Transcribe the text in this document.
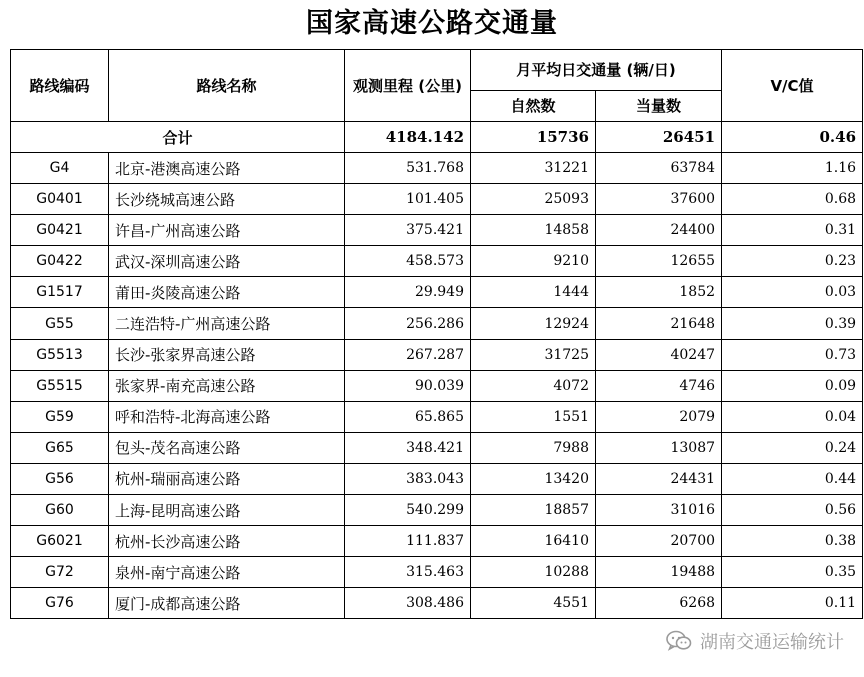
国家高速公路交通量
路线编码	路线名称	观测里程 (公里)	月平均日交通量 (辆/日)		V/C值
			自然数	当量数	
合计		4184.142	15736	26451	0.46
G4	北京-港澳高速公路	531.768	31221	63784	1.16
G0401	长沙绕城高速公路	101.405	25093	37600	0.68
G0421	许昌-广州高速公路	375.421	14858	24400	0.31
G0422	武汉-深圳高速公路	458.573	9210	12655	0.23
G1517	莆田-炎陵高速公路	29.949	1444	1852	0.03
G55	二连浩特-广州高速公路	256.286	12924	21648	0.39
G5513	长沙-张家界高速公路	267.287	31725	40247	0.73
G5515	张家界-南充高速公路	90.039	4072	4746	0.09
G59	呼和浩特-北海高速公路	65.865	1551	2079	0.04
G65	包头-茂名高速公路	348.421	7988	13087	0.24
G56	杭州-瑞丽高速公路	383.043	13420	24431	0.44
G60	上海-昆明高速公路	540.299	18857	31016	0.56
G6021	杭州-长沙高速公路	111.837	16410	20700	0.38
G72	泉州-南宁高速公路	315.463	10288	19488	0.35
G76	厦门-成都高速公路	308.486	4551	6268	0.11
湖南交通运输统计
